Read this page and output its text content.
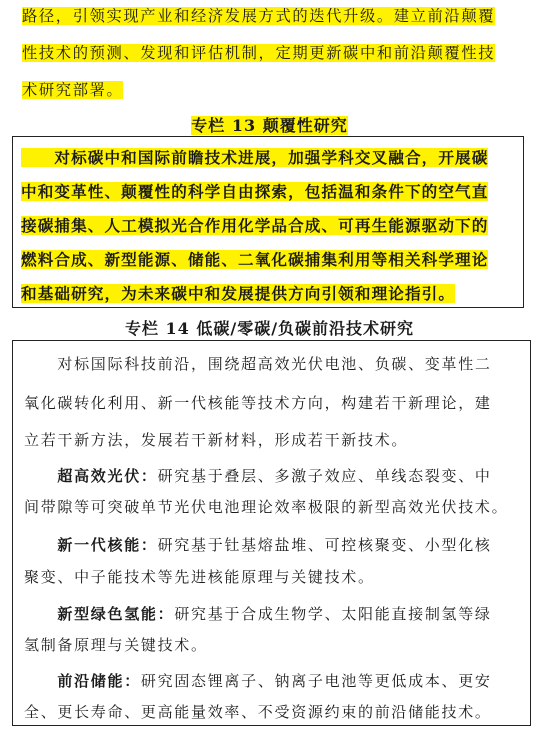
路径，引领实现产业和经济发展方式的迭代升级。建立前沿颠覆
性技术的预测、发现和评估机制，定期更新碳中和前沿颠覆性技
术研究部署。
专栏 13 颠覆性研究
　　对标碳中和国际前瞻技术进展，加强学科交叉融合，开展碳
中和变革性、颠覆性的科学自由探索，包括温和条件下的空气直
接碳捕集、人工模拟光合作用化学品合成、可再生能源驱动下的
燃料合成、新型能源、储能、二氧化碳捕集利用等相关科学理论
和基础研究，为未来碳中和发展提供方向引领和理论指引。
专栏 14 低碳/零碳/负碳前沿技术研究
　　对标国际科技前沿，围绕超高效光伏电池、负碳、变革性二
氧化碳转化利用、新一代核能等技术方向，构建若干新理论，建
立若干新方法，发展若干新材料，形成若干新技术。
　　超高效光伏：研究基于叠层、多激子效应、单线态裂变、中
间带隙等可突破单节光伏电池理论效率极限的新型高效光伏技术。
　　新一代核能：研究基于钍基熔盐堆、可控核聚变、小型化核
聚变、中子能技术等先进核能原理与关键技术。
　　新型绿色氢能：研究基于合成生物学、太阳能直接制氢等绿
氢制备原理与关键技术。
　　前沿储能：研究固态锂离子、钠离子电池等更低成本、更安
全、更长寿命、更高能量效率、不受资源约束的前沿储能技术。
